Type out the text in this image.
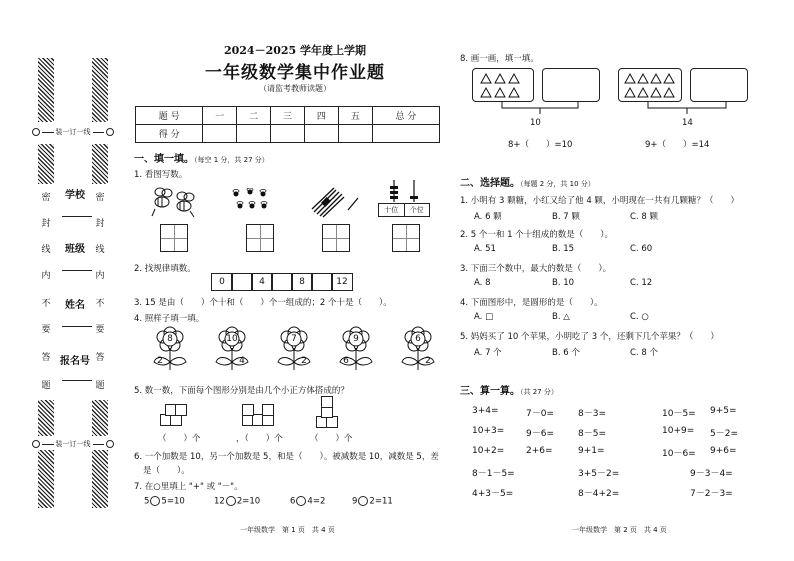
装一订一线
装一订一线
密
封
线
内
不
要
答
题
密
封
线
内
不
要
答
题
学校
班级
姓名
报名号
2024－2025 学年度上学期
一年级数学集中作业题
（请监考教师读题）
题 号	一	二	三	四	五	总 分
得 分						
一、填一填。（每空 1 分，共 27 分）
1. 看图写数。
十位	个位
2. 找规律填数。
0	4	8	12
3. 15 是由（　　）个十和（　　）个一组成的；2 个十是（　　）。
4. 照样子填一填。
8
2
10
4
7
2
9
6
6
2
5. 数一数，下面每个图形分别是由几个小正方体搭成的？
（　　）个	，（　　）个	（　　）个
6. 一个加数是 10，另一个加数是 5，和是（　　）。被减数是 10，减数是 5，差
是（　　）。
7. 在○里填上 "+" 或 "－"。
5 5=10	12 2=10	6 4=2	9 2=11
一年级数学　第 1 页　共 4 页
8. 画一画，填一填。
10
8+（　　）=10
14
9+（　　）=14
二、选择题。（每题 2 分，共 10 分）
1. 小明有 3 颗糖，小红又给了他 4 颗，小明现在一共有几颗糖？（　　）
A. 6 颗	B. 7 颗	C. 8 颗
2. 5 个一和 1 个十组成的数是（　　）。
A. 51	B. 15	C. 60
3. 下面三个数中，最大的数是（　　）。
A. 8	B. 10	C. 12
4. 下面图形中，是圆形的是（　　）。
A. □	B. △	C. ○
5. 妈妈买了 10 个苹果，小明吃了 3 个，还剩下几个苹果？（　　）
A. 7 个	B. 6 个	C. 8 个
三、算一算。（共 27 分）
3+4=	7－0=	8－3=	10－5= 9+5=
10+3= 9－6=	8－5=	10+9= 5－2=
10+2= 2+6=	9+1=	10－6= 9+6=
8－1－5=	3+5－2=	9－3－4=
4+3－5=	8－4+2=	7－2－3=
一年级数学　第 2 页　共 4 页
